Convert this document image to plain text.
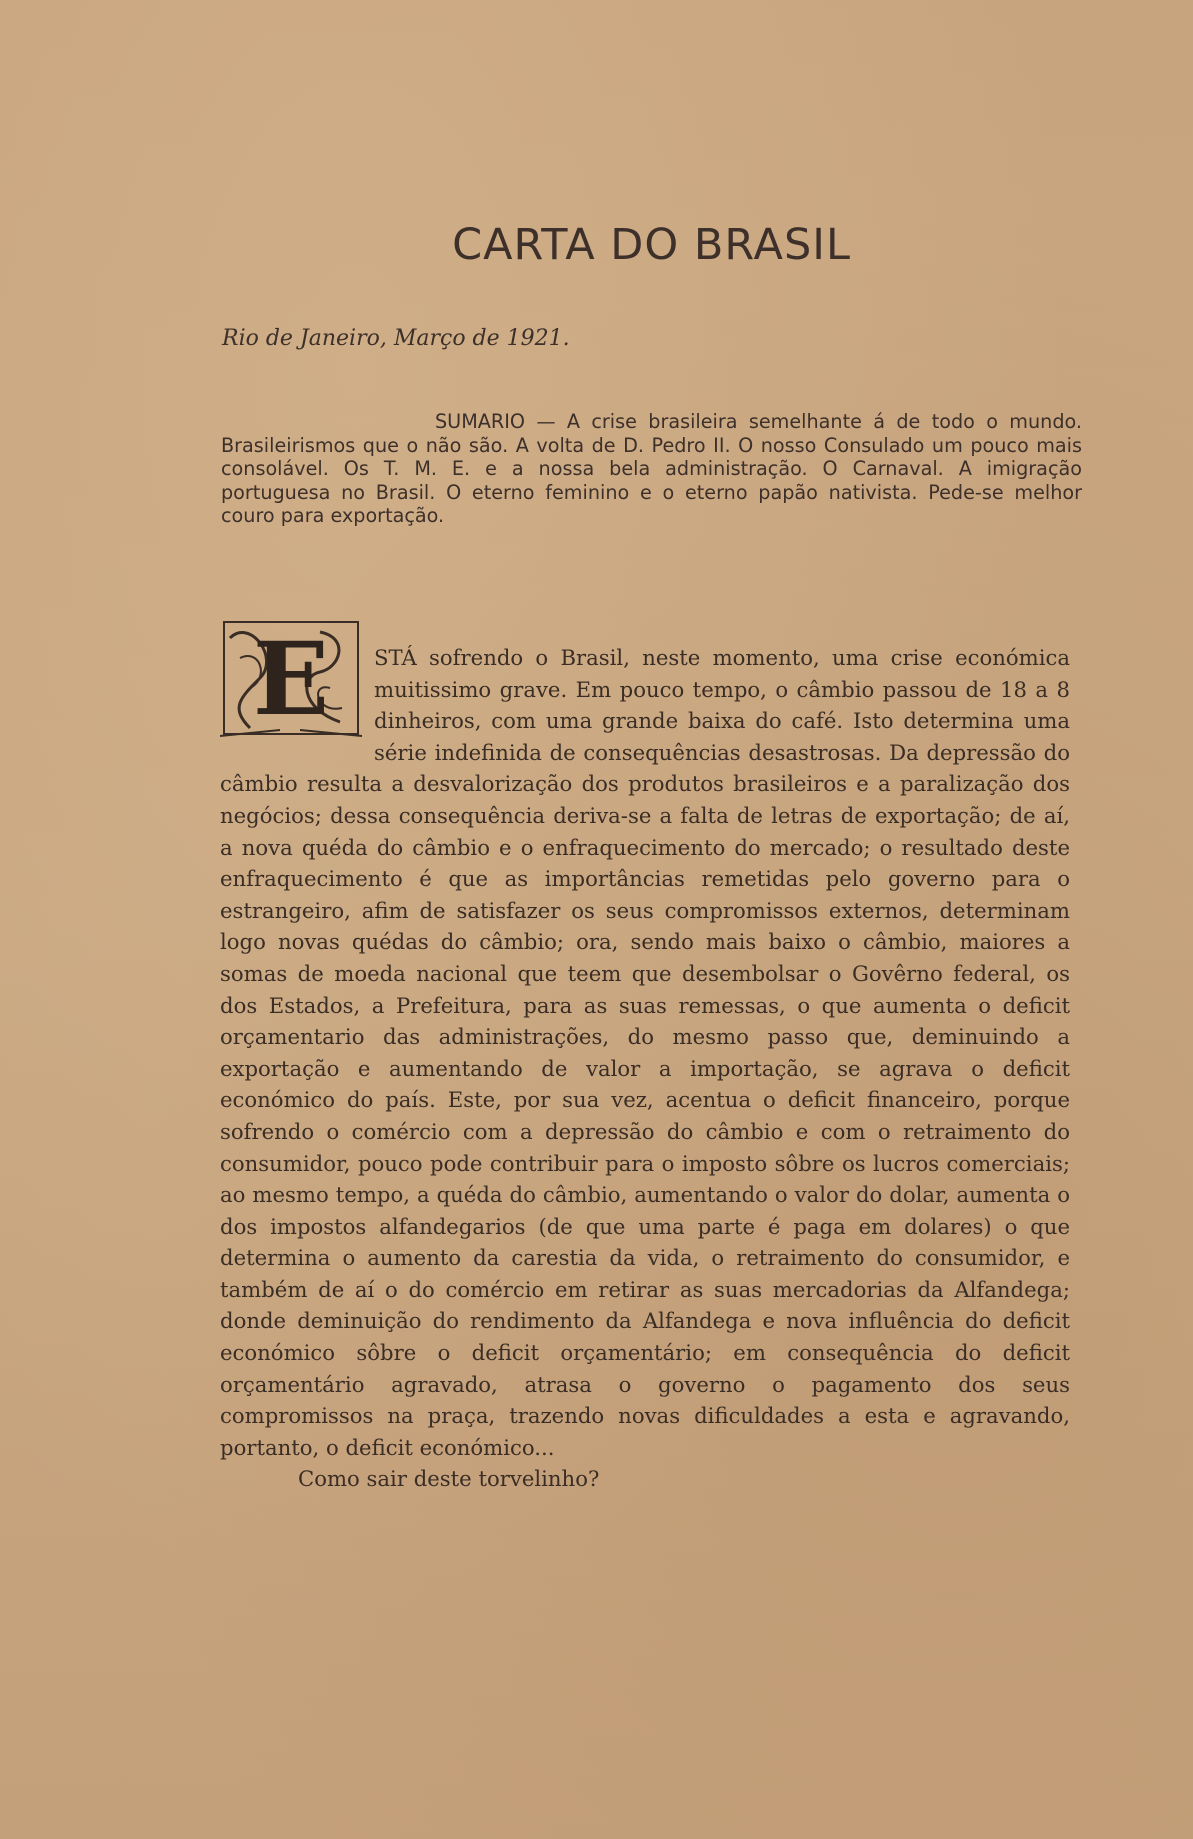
CARTA DO BRASIL
Rio de Janeiro, Março de 1921.
SUMARIO — A crise brasileira semelhante á de todo o mundo. Brasileirismos que o não são. A volta de D. Pedro II. O nosso Consulado um pouco mais consolável. Os T. M. E. e a nossa bela administração. O Carnaval. A imigração portuguesa no Brasil. O eterno feminino e o eterno papão nativista. Pede-se melhor couro para exportação.
E	STÁ sofrendo o Brasil, neste momento, uma crise económica muitissimo grave. Em pouco tempo, o câmbio passou de 18 a 8 dinheiros, com uma grande baixa do café. Isto determina uma série indefinida de consequências desastrosas. Da depressão do câmbio resulta a desvalorização dos produtos brasileiros e a paralização dos negócios; dessa consequência deriva-se a falta de letras de exportação; de aí, a nova quéda do câmbio e o enfraquecimento do mercado; o resultado deste enfraquecimento é que as importâncias remetidas pelo governo para o estrangeiro, afim de satisfazer os seus compromissos externos, determinam logo novas quédas do câmbio; ora, sendo mais baixo o câmbio, maiores a somas de moeda nacional que teem que desembolsar o Govêrno federal, os dos Estados, a Prefeitura, para as suas remessas, o que aumenta o deficit orçamentario das administrações, do mesmo passo que, deminuindo a exportação e aumentando de valor a importação, se agrava o deficit económico do país. Este, por sua vez, acentua o deficit financeiro, porque sofrendo o comércio com a depressão do câmbio e com o retraimento do consumidor, pouco pode contribuir para o imposto sôbre os lucros comerciais; ao mesmo tempo, a quéda do câmbio, aumentando o valor do dolar, aumenta o dos impostos alfandegarios (de que uma parte é paga em dolares) o que determina o aumento da carestia da vida, o retraimento do consumidor, e também de aí o do comércio em retirar as suas mercadorias da Alfandega; donde deminuição do rendimento da Alfandega e nova influência do deficit económico sôbre o deficit orçamentário; em consequência do deficit orçamentário agravado, atrasa o governo o pagamento dos seus compromissos na praça, trazendo novas dificuldades a esta e agravando, portanto, o deficit económico...

Como sair deste torvelinho?
